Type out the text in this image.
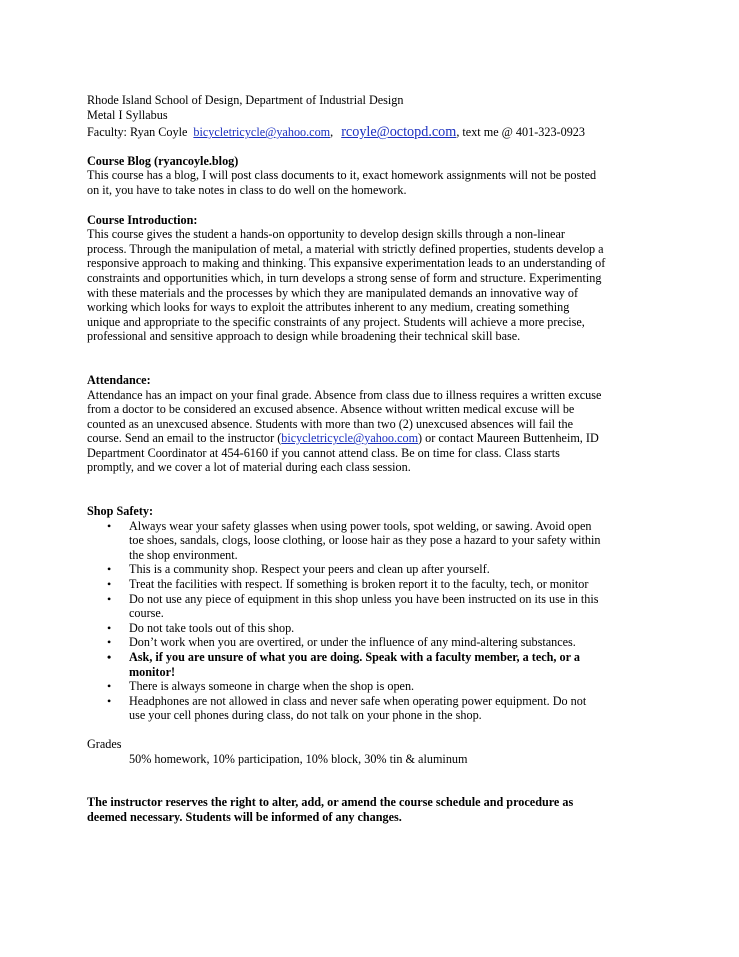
Rhode Island School of Design, Department of Industrial Design
Metal I Syllabus
Faculty: Ryan Coyle bicycletricycle@yahoo.com, rcoyle@octopd.com, text me @ 401-323-0923
Course Blog (ryancoyle.blog)
This course has a blog, I will post class documents to it, exact homework assignments will not be posted
on it, you have to take notes in class to do well on the homework.
Course Introduction:
This course gives the student a hands-on opportunity to develop design skills through a non-linear
process. Through the manipulation of metal, a material with strictly defined properties, students develop a
responsive approach to making and thinking. This expansive experimentation leads to an understanding of
constraints and opportunities which, in turn develops a strong sense of form and structure. Experimenting
with these materials and the processes by which they are manipulated demands an innovative way of
working which looks for ways to exploit the attributes inherent to any medium, creating something
unique and appropriate to the specific constraints of any project. Students will achieve a more precise,
professional and sensitive approach to design while broadening their technical skill base.
Attendance:
Attendance has an impact on your final grade. Absence from class due to illness requires a written excuse
from a doctor to be considered an excused absence. Absence without written medical excuse will be
counted as an unexcused absence. Students with more than two (2) unexcused absences will fail the
course. Send an email to the instructor (bicycletricycle@yahoo.com) or contact Maureen Buttenheim, ID
Department Coordinator at 454-6160 if you cannot attend class. Be on time for class. Class starts
promptly, and we cover a lot of material during each class session.
Shop Safety:
• Always wear your safety glasses when using power tools, spot welding, or sawing. Avoid open
toe shoes, sandals, clogs, loose clothing, or loose hair as they pose a hazard to your safety within
the shop environment.
• This is a community shop. Respect your peers and clean up after yourself.
• Treat the facilities with respect. If something is broken report it to the faculty, tech, or monitor
• Do not use any piece of equipment in this shop unless you have been instructed on its use in this
course.
• Do not take tools out of this shop.
• Don’t work when you are overtired, or under the influence of any mind-altering substances.
• Ask, if you are unsure of what you are doing. Speak with a faculty member, a tech, or a
monitor!
• There is always someone in charge when the shop is open.
• Headphones are not allowed in class and never safe when operating power equipment. Do not
use your cell phones during class, do not talk on your phone in the shop.
Grades
50% homework, 10% participation, 10% block, 30% tin & aluminum
The instructor reserves the right to alter, add, or amend the course schedule and procedure as
deemed necessary. Students will be informed of any changes.
